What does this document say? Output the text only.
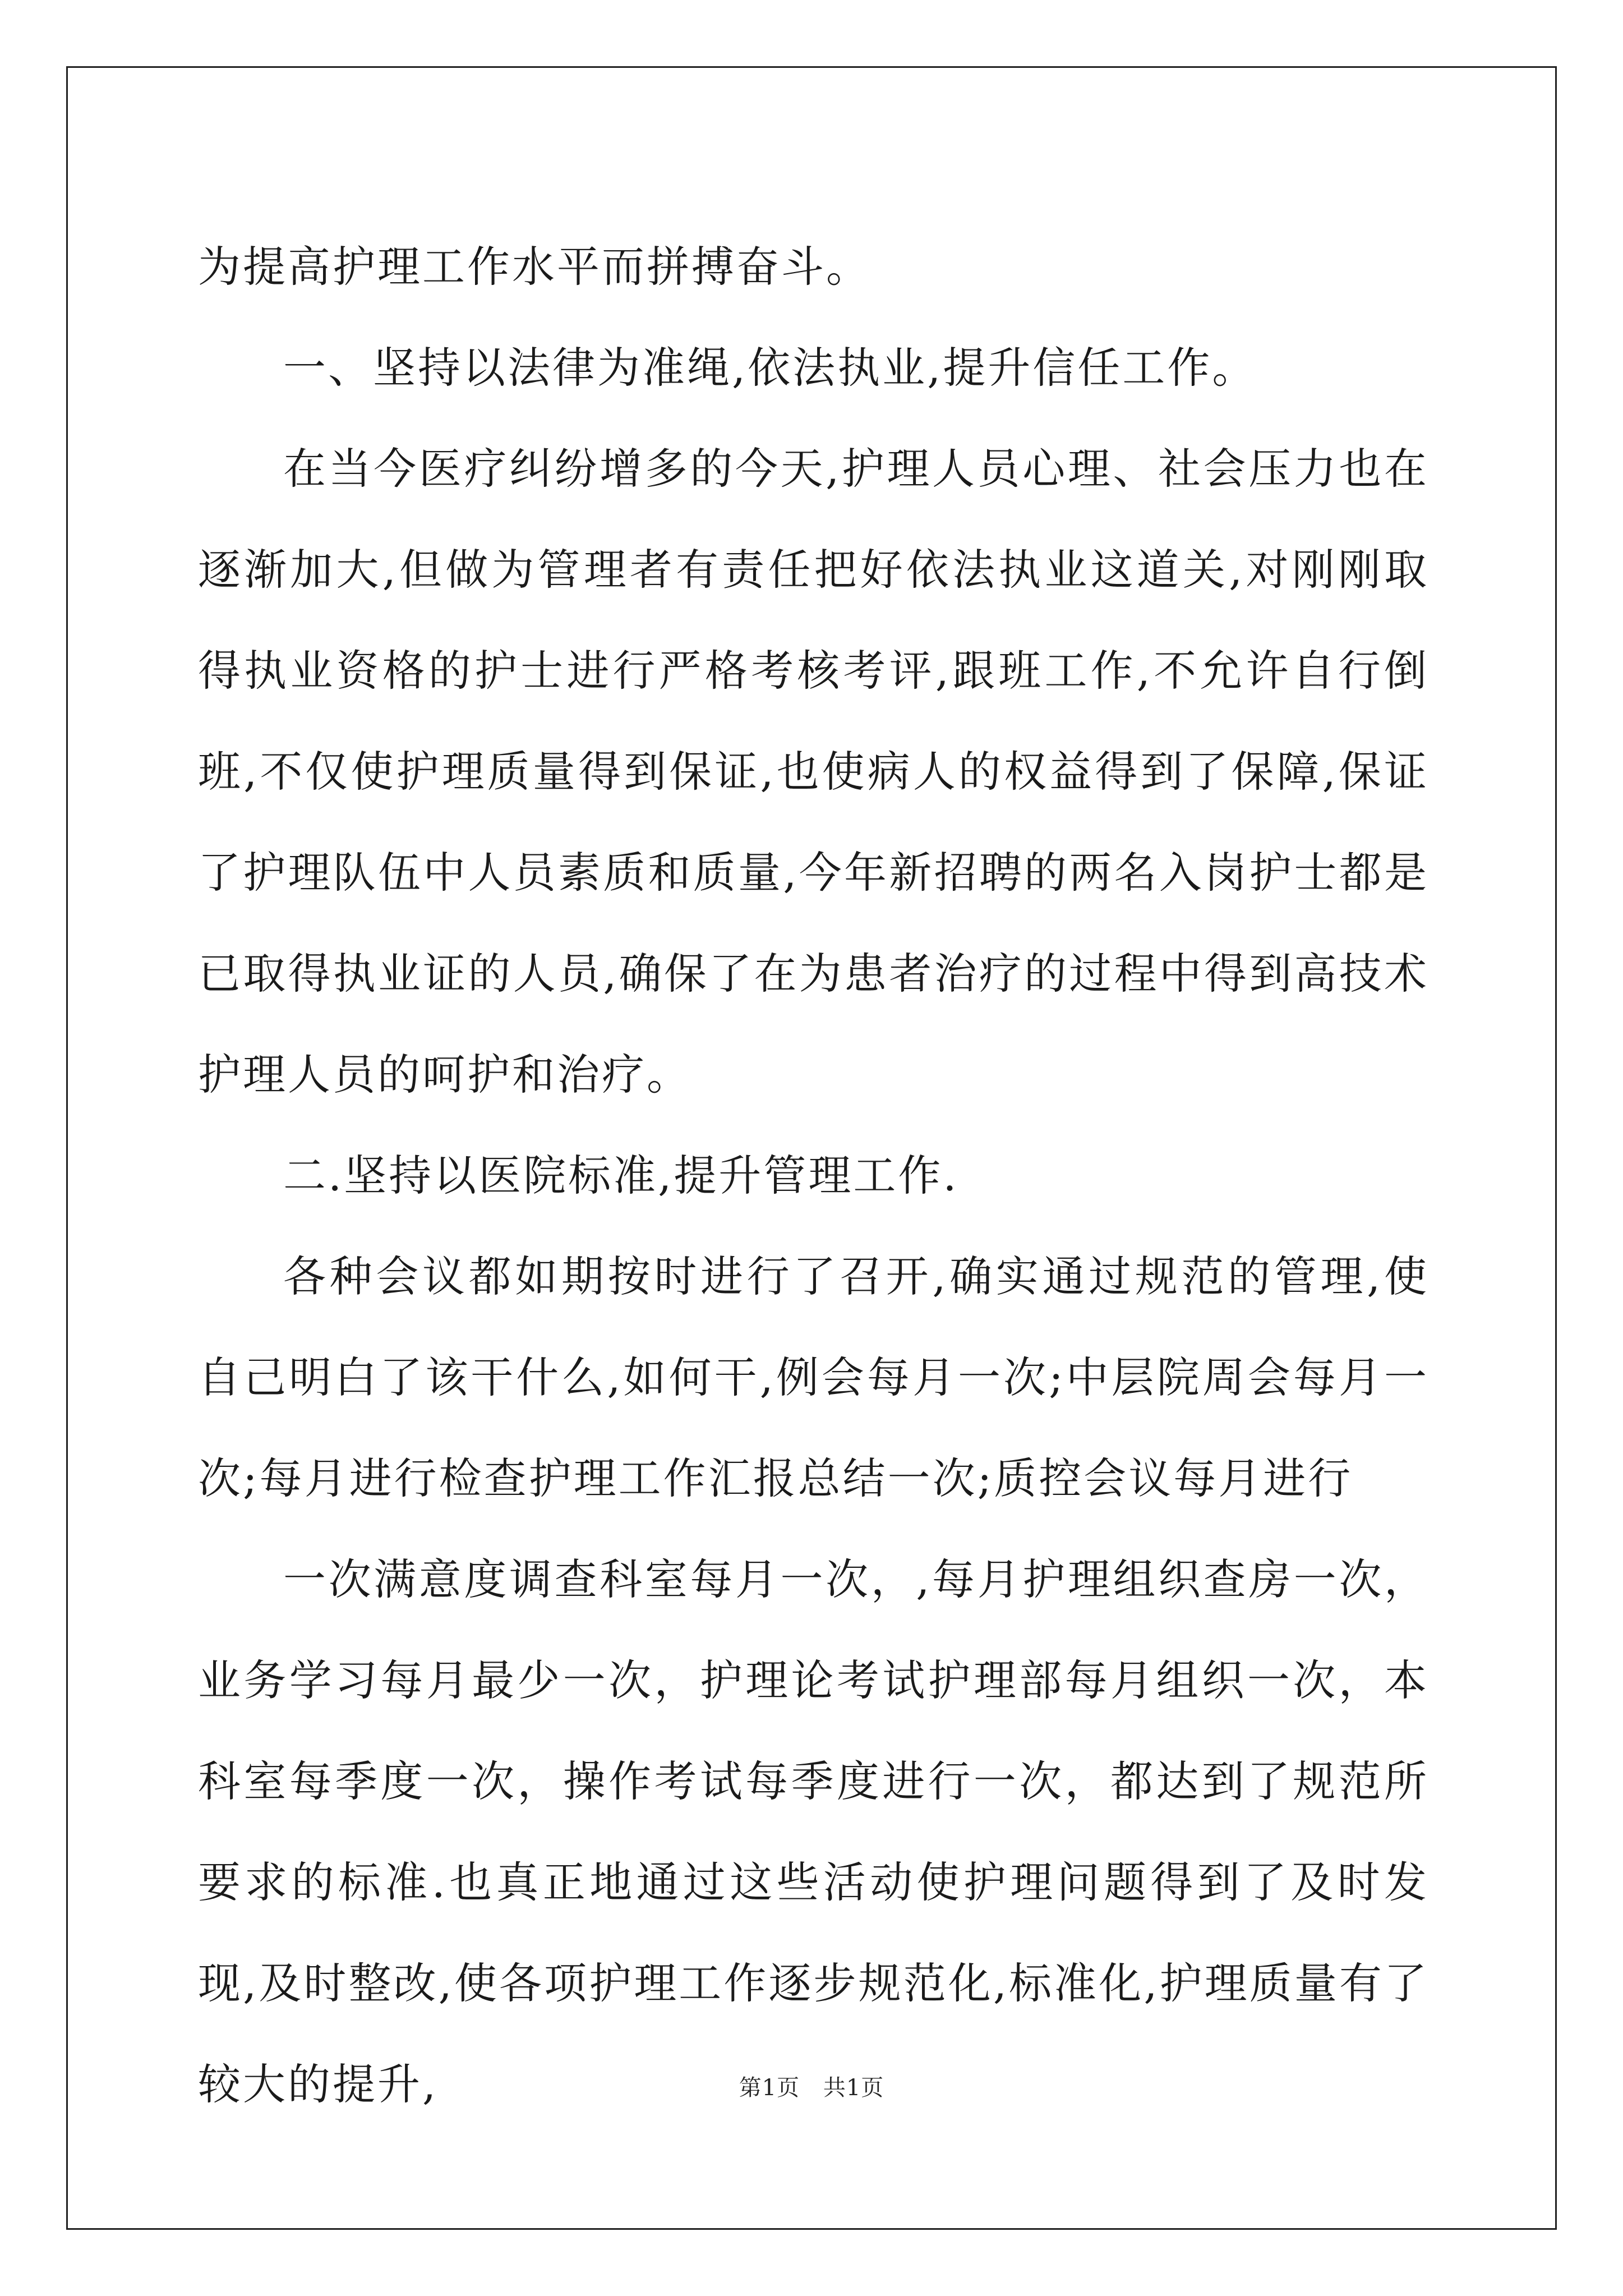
为提高护理工作水平而拼搏奋斗。

一、坚持以法律为准绳,依法执业,提升信任工作。

在当今医疗纠纷增多的今天,护理人员心理、社会压力也在逐渐加大,但做为管理者有责任把好依法执业这道关,对刚刚取得执业资格的护士进行严格考核考评,跟班工作,不允许自行倒班,不仅使护理质量得到保证,也使病人的权益得到了保障,保证了护理队伍中人员素质和质量,今年新招聘的两名入岗护士都是已取得执业证的人员,确保了在为患者治疗的过程中得到高技术护理人员的呵护和治疗。

二.坚持以医院标准,提升管理工作.

各种会议都如期按时进行了召开,确实通过规范的管理,使自己明白了该干什么,如何干,例会每月一次;中层院周会每月一次;每月进行检查护理工作汇报总结一次;质控会议每月进行

一次满意度调查科室每月一次，,每月护理组织查房一次，业务学习每月最少一次，护理论考试护理部每月组织一次，本科室每季度一次，操作考试每季度进行一次，都达到了规范所要求的标准.也真正地通过这些活动使护理问题得到了及时发现,及时整改,使各项护理工作逐步规范化,标准化,护理质量有了较大的提升,	第1页 共1页
